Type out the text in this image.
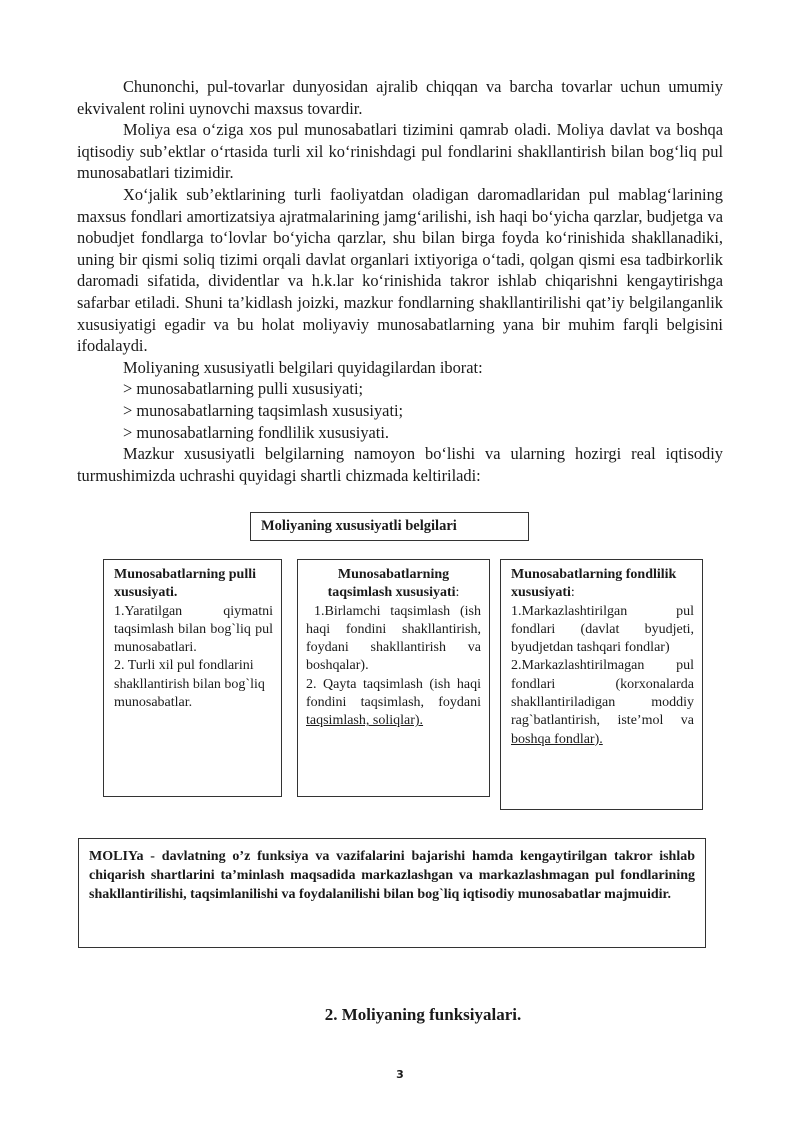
Chunonchi, pul-tovarlar dunyosidan ajralib chiqqan va barcha tovarlar uchun umumiy ekvivalent rolini uynovchi maxsus tovardir.

Moliya esa o‘ziga xos pul munosabatlari tizimini qamrab oladi. Moliya davlat va boshqa iqtisodiy sub’ektlar o‘rtasida turli xil ko‘rinishdagi pul fondlarini shakllantirish bilan bog‘liq pul munosabatlari tizimidir.

Xo‘jalik sub’ektlarining turli faoliyatdan oladigan daromadlaridan pul mablag‘larining maxsus fondlari amortizatsiya ajratmalarining jamg‘arilishi, ish haqi bo‘yicha qarzlar, budjetga va nobudjet fondlarga to‘lovlar bo‘yicha qarzlar, shu bilan birga foyda ko‘rinishida shakllanadiki, uning bir qismi soliq tizimi orqali davlat organlari ixtiyoriga o‘tadi, qolgan qismi esa tadbirkorlik daromadi sifatida, dividentlar va h.k.lar ko‘rinishida takror ishlab chiqarishni kengaytirishga safarbar etiladi. Shuni ta’kidlash joizki, mazkur fondlarning shakllantirilishi qat’iy belgilanganlik xususiyatigi egadir va bu holat moliyaviy munosabatlarning yana bir muhim farqli belgisini ifodalaydi.

Moliyaning xususiyatli belgilari quyidagilardan iborat:

> munosabatlarning pulli xususiyati;

> munosabatlarning taqsimlash xususiyati;

> munosabatlarning fondlilik xususiyati.

Mazkur xususiyatli belgilarning namoyon bo‘lishi va ularning hozirgi real iqtisodiy turmushimizda uchrashi quyidagi shartli chizmada keltiriladi:

Moliyaning xususiyatli belgilari
Munosabatlarning pulli xususiyati.

1.Yaratilgan qiymatni taqsimlash bilan bog`liq pul munosabatlari.

2. Turli xil pul fondlarini shakllantirish bilan bog`liq munosabatlar.

Munosabatlarning taqsimlash xususiyati:

1.Birlamchi taqsimlash (ish haqi fondini shakllantirish, foydani shakllantirish va boshqalar).

2. Qayta taqsimlash (ish haqi fondini taqsimlash, foydani taqsimlash, soliqlar).

Munosabatlarning fondlilik xususiyati:

1.Markazlashtirilgan pul fondlari (davlat byudjeti, byudjetdan tashqari fondlar)

2.Markazlashtirilmagan pul fondlari (korxonalarda shakllantiriladigan moddiy rag`batlantirish, iste’mol va boshqa fondlar).

MOLIYa - davlatning o’z funksiya va vazifalarini bajarishi hamda kengaytirilgan takror ishlab chiqarish shartlarini ta’minlash maqsadida markazlashgan va markazlashmagan pul fondlarining shakllantirilishi, taqsimlanilishi va foydalanilishi bilan bog`liq iqtisodiy munosabatlar majmuidir.
2. Moliyaning funksiyalari.
3
